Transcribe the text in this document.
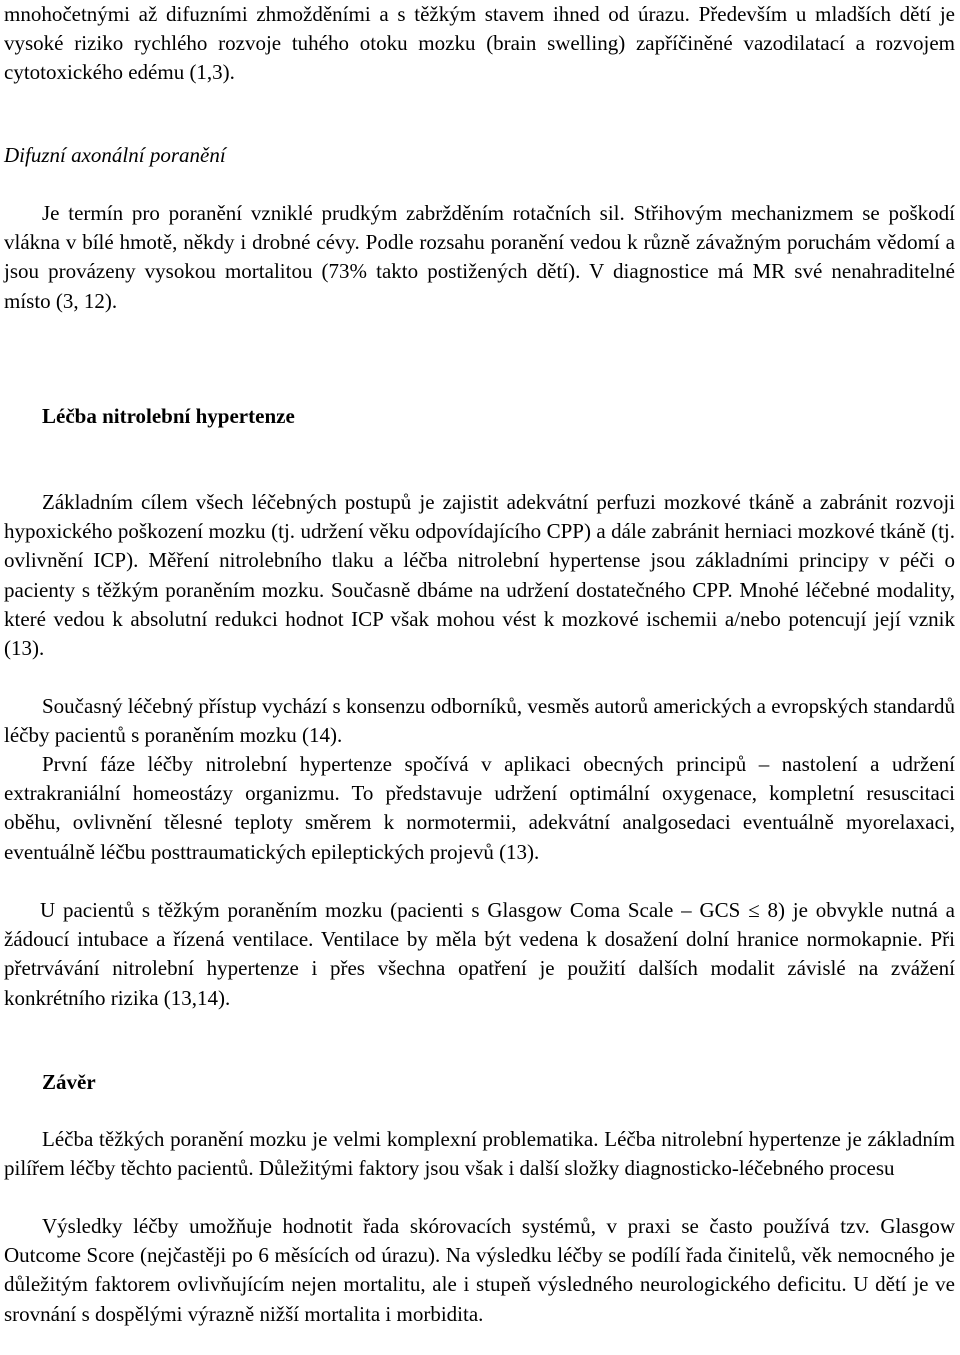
mnohočetnými až difuzními zhmožděními a s těžkým stavem ihned od úrazu. Především u mladších dětí je vysoké riziko rychlého rozvoje tuhého otoku mozku (brain swelling) zapříčiněné vazodilatací a rozvojem cytotoxického edému (1,3).

Difuzní axonální poranění

Je termín pro poranění vzniklé prudkým zabržděním rotačních sil. Střihovým mechanizmem se poškodí vlákna v bílé hmotě, někdy i drobné cévy. Podle rozsahu poranění vedou k různě závažným poruchám vědomí a jsou provázeny vysokou mortalitou (73% takto postižených dětí). V diagnostice má MR své nenahraditelné místo (3, 12).

Léčba nitrolební hypertenze

Základním cílem všech léčebných postupů je zajistit adekvátní perfuzi mozkové tkáně a zabránit rozvoji hypoxického poškození mozku (tj. udržení věku odpovídajícího CPP) a dále zabránit herniaci mozkové tkáně (tj. ovlivnění ICP). Měření nitrolebního tlaku a léčba nitrolební hypertense jsou základními principy v péči o pacienty s těžkým poraněním mozku. Současně dbáme na udržení dostatečného CPP. Mnohé léčebné modality, které vedou k absolutní redukci hodnot ICP však mohou vést k mozkové ischemii a/nebo potencují její vznik (13).

Současný léčebný přístup vychází s konsenzu odborníků, vesměs autorů amerických a evropských standardů léčby pacientů s poraněním mozku (14).

První fáze léčby nitrolební hypertenze spočívá v aplikaci obecných principů – nastolení a udržení extrakraniální homeostázy organizmu. To představuje udržení optimální oxygenace, kompletní resuscitaci oběhu, ovlivnění tělesné teploty směrem k normotermii, adekvátní analgosedaci eventuálně myorelaxaci, eventuálně léčbu posttraumatických epileptických projevů (13).

U pacientů s těžkým poraněním mozku (pacienti s Glasgow Coma Scale – GCS ≤ 8) je obvykle nutná a žádoucí intubace a řízená ventilace. Ventilace by měla být vedena k dosažení dolní hranice normokapnie. Při přetrvávání nitrolební hypertenze i přes všechna opatření je použití dalších modalit závislé na zvážení konkrétního rizika (13,14).

Závěr

Léčba těžkých poranění mozku je velmi komplexní problematika. Léčba nitrolební hypertenze je základním pilířem léčby těchto pacientů. Důležitými faktory jsou však i další složky diagnosticko-léčebného procesu

Výsledky léčby umožňuje hodnotit řada skórovacích systémů, v praxi se často používá tzv. Glasgow Outcome Score (nejčastěji po 6 měsících od úrazu). Na výsledku léčby se podílí řada činitelů, věk nemocného je důležitým faktorem ovlivňujícím nejen mortalitu, ale i stupeň výsledného neurologického deficitu. U dětí je ve srovnání s dospělými výrazně nižší mortalita i morbidita.
